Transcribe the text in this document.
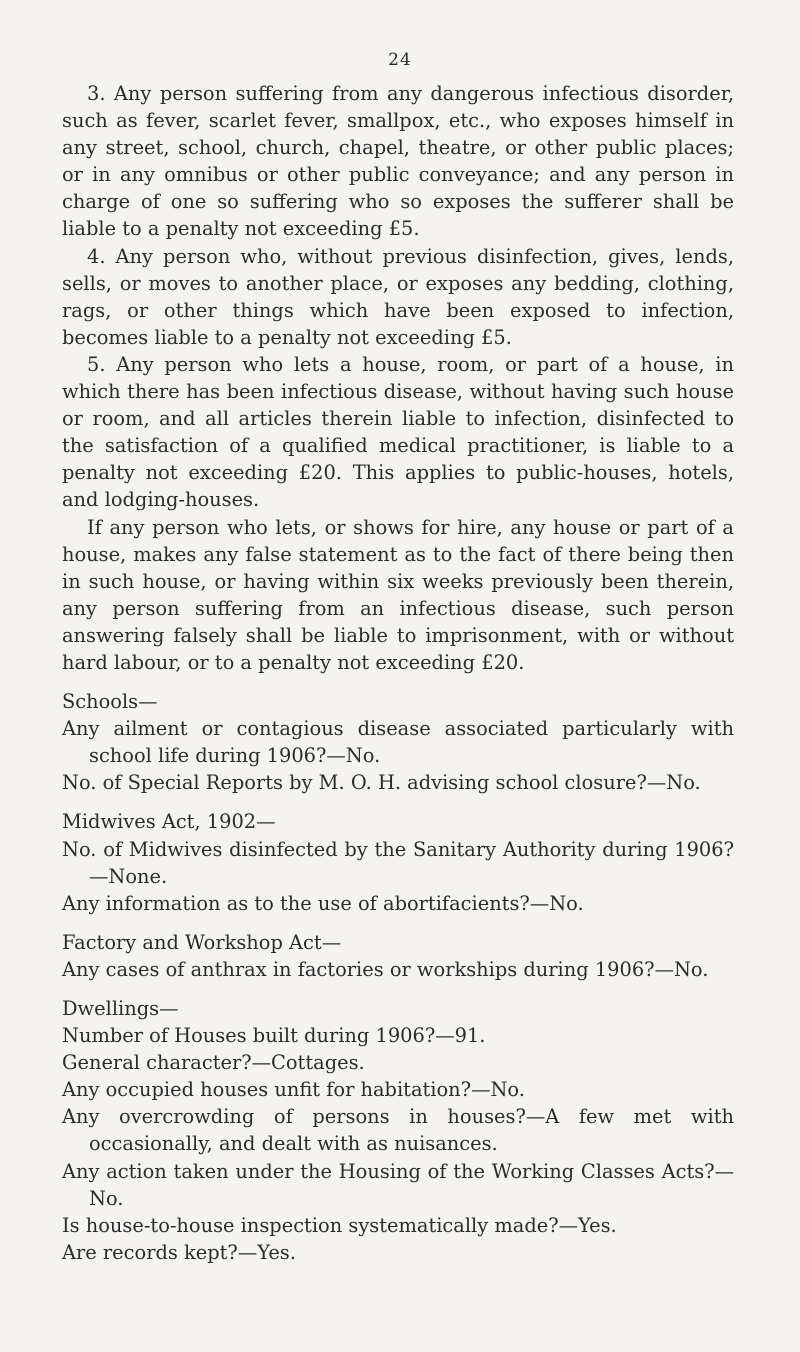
24

3. Any person suffering from any dangerous infectious disorder, such as fever, scarlet fever, smallpox, etc., who exposes himself in any street, school, church, chapel, theatre, or other public places; or in any omnibus or other public conveyance; and any person in charge of one so suffering who so exposes the sufferer shall be liable to a penalty not exceeding £5.

4. Any person who, without previous disinfection, gives, lends, sells, or moves to another place, or exposes any bedding, clothing, rags, or other things which have been exposed to infection, becomes liable to a penalty not exceeding £5.

5. Any person who lets a house, room, or part of a house, in which there has been infectious disease, without having such house or room, and all articles therein liable to infection, disinfected to the satisfaction of a qualified medical practitioner, is liable to a penalty not exceeding £20. This applies to public-houses, hotels, and lodging-houses.

If any person who lets, or shows for hire, any house or part of a house, makes any false statement as to the fact of there being then in such house, or having within six weeks previously been therein, any person suffering from an infectious disease, such person answering falsely shall be liable to imprisonment, with or without hard labour, or to a penalty not exceeding £20.

Schools—

Any ailment or contagious disease associated particularly with school life during 1906?—No.

No. of Special Reports by M. O. H. advising school closure?—No.

Midwives Act, 1902—

No. of Midwives disinfected by the Sanitary Authority during 1906?—None.

Any information as to the use of abortifacients?—No.

Factory and Workshop Act—

Any cases of anthrax in factories or workships during 1906?—No.

Dwellings—

Number of Houses built during 1906?—91.

General character?—Cottages.

Any occupied houses unfit for habitation?—No.

Any overcrowding of persons in houses?—A few met with occasionally, and dealt with as nuisances.

Any action taken under the Housing of the Working Classes Acts?—No.

Is house-to-house inspection systematically made?—Yes.

Are records kept?—Yes.
